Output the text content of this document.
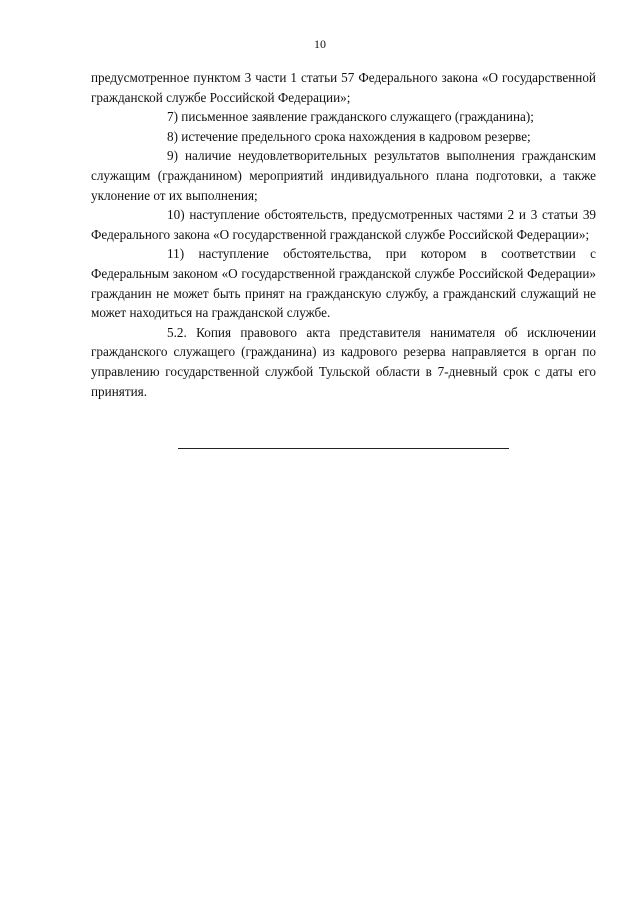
10

предусмотренное пунктом 3 части 1 статьи 57 Федерального закона «О государственной гражданской службе Российской Федерации»;

7) письменное заявление гражданского служащего (гражданина);

8) истечение предельного срока нахождения в кадровом резерве;

9) наличие неудовлетворительных результатов выполнения гражданским служащим (гражданином) мероприятий индивидуального плана подготовки, а также уклонение от их выполнения;

10) наступление обстоятельств, предусмотренных частями 2 и 3 статьи 39 Федерального закона «О государственной гражданской службе Российской Федерации»;

11) наступление обстоятельства, при котором в соответствии с Федеральным законом «О государственной гражданской службе Российской Федерации» гражданин не может быть принят на гражданскую службу, а гражданский служащий не может находиться на гражданской службе.

5.2. Копия правового акта представителя нанимателя об исключении гражданского служащего (гражданина) из кадрового резерва направляется в орган по управлению государственной службой Тульской области в 7-дневный срок с даты его принятия.
